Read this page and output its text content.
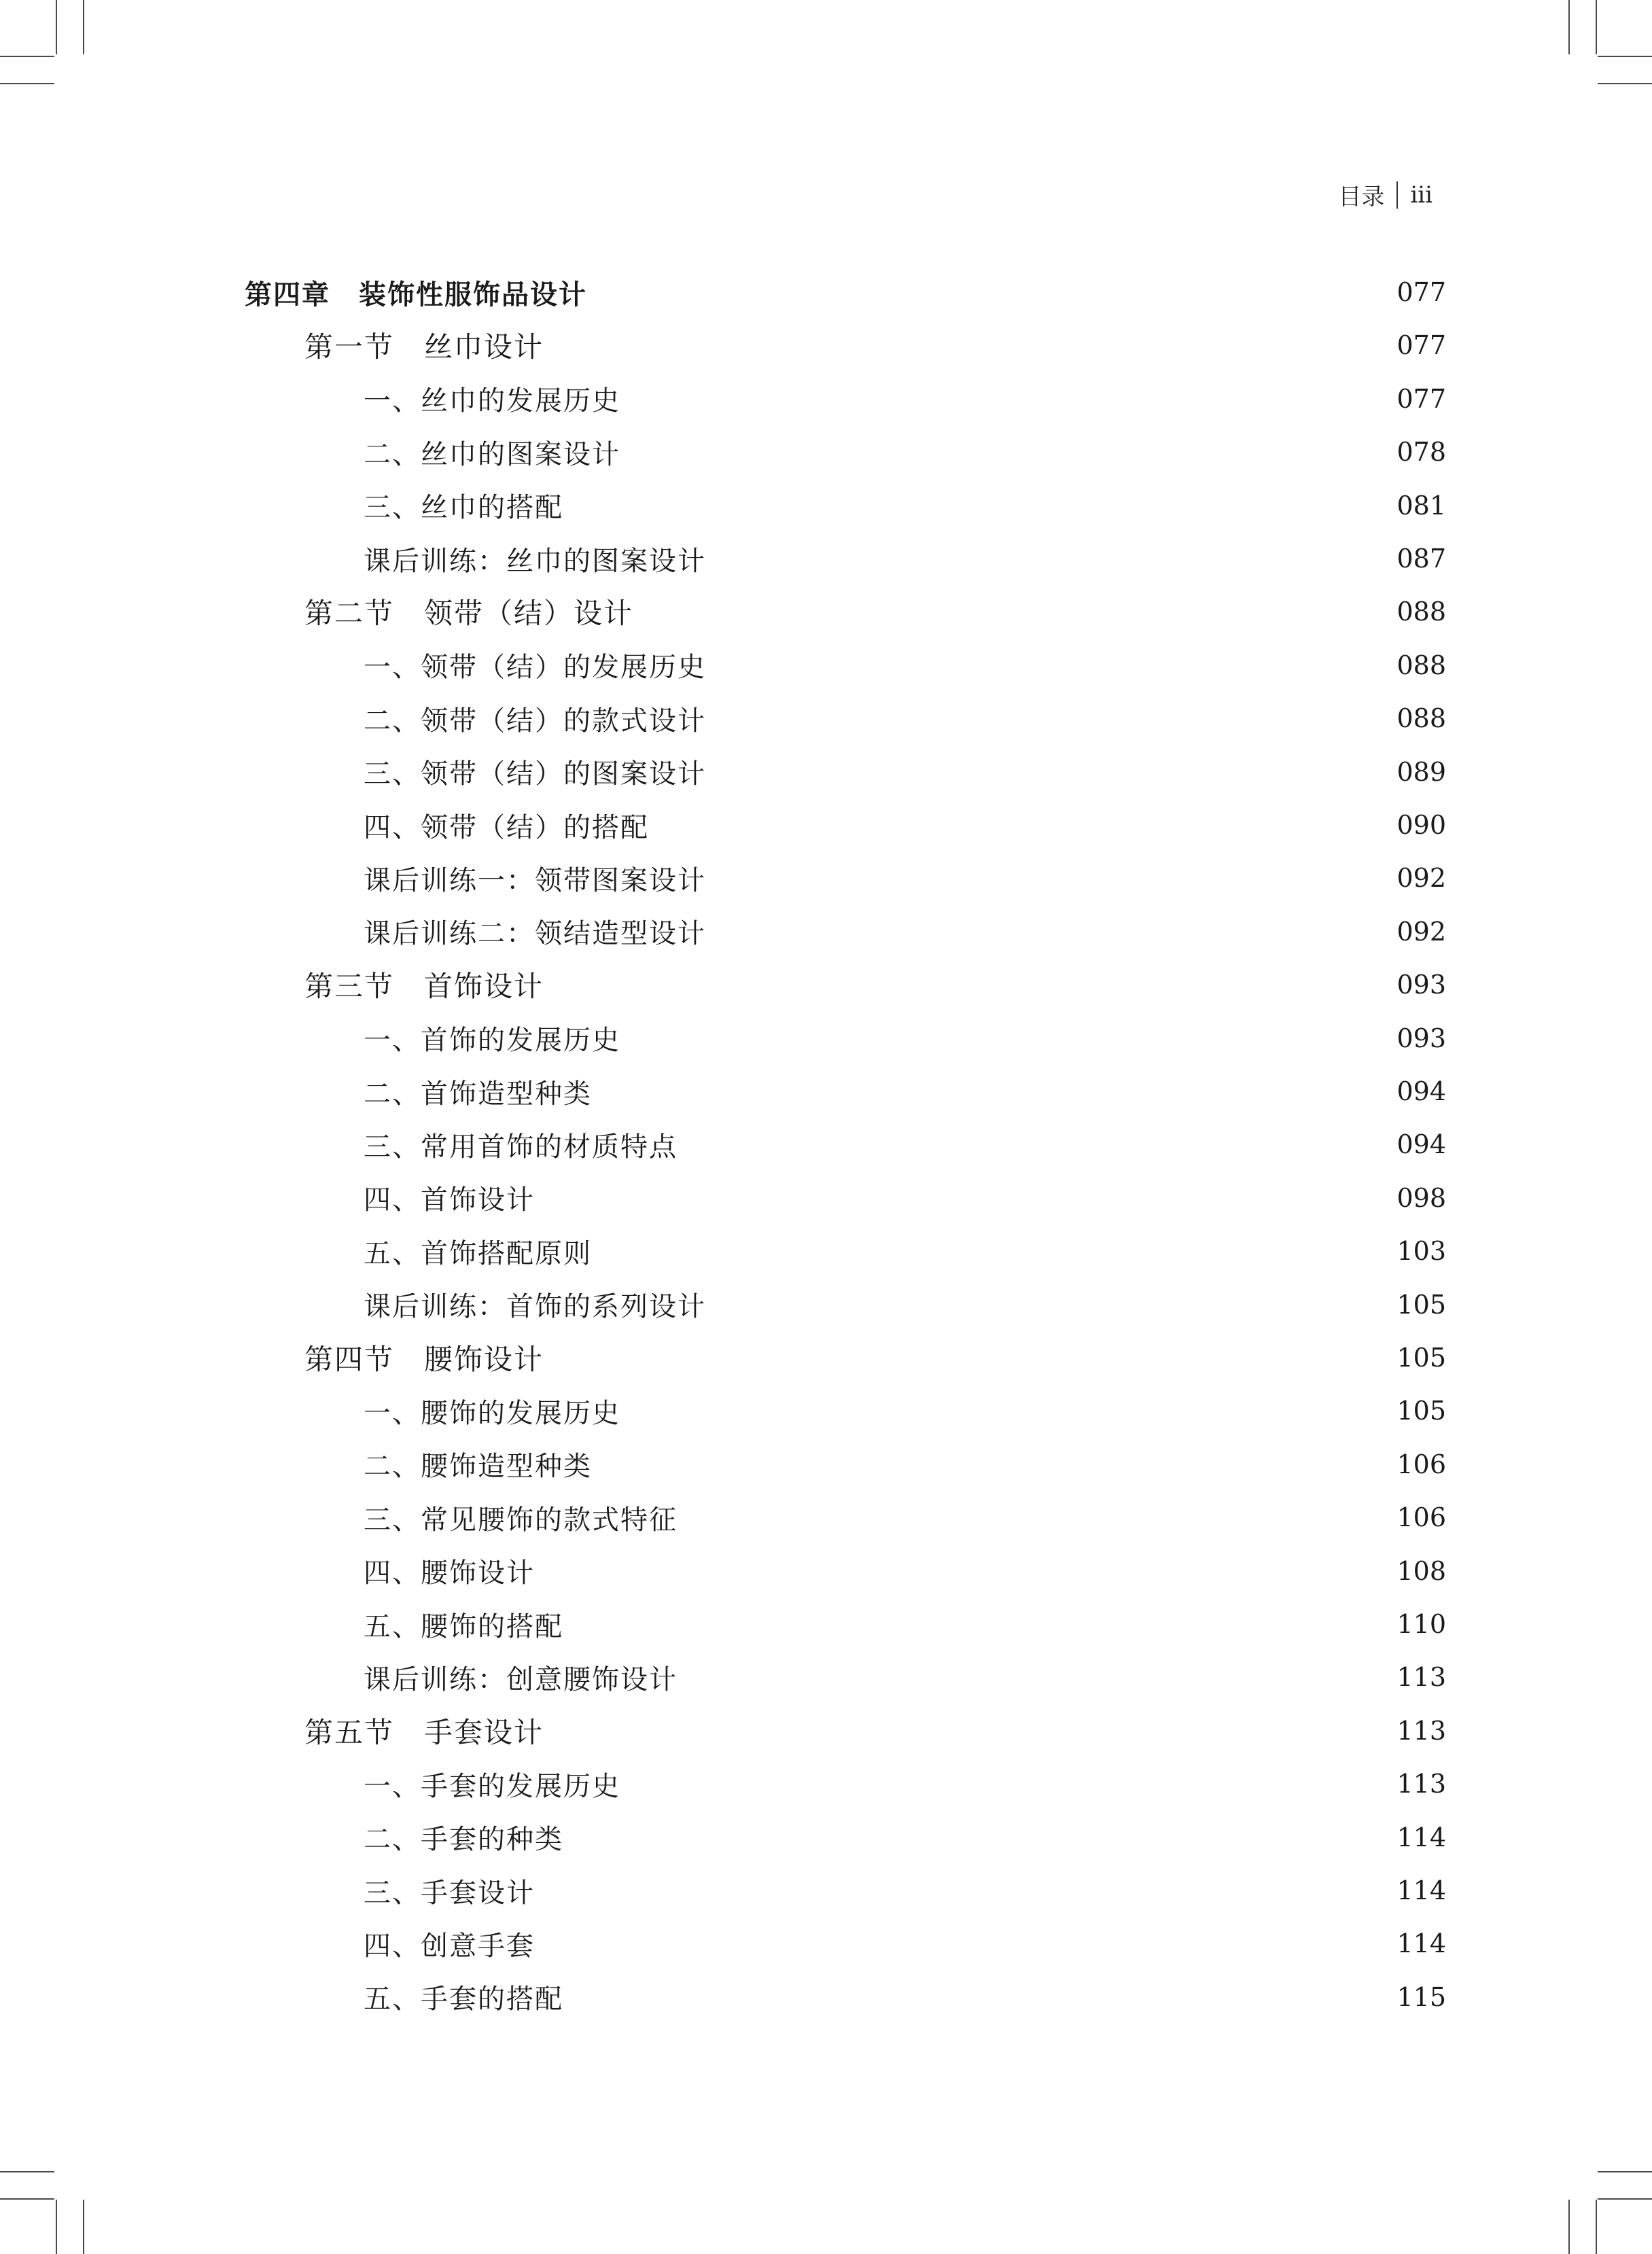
目录 iii
第四章　装饰性服饰品设计	077
第一节　丝巾设计	077
一、丝巾的发展历史	077
二、丝巾的图案设计	078
三、丝巾的搭配	081
课后训练：丝巾的图案设计	087
第二节　领带（结）设计	088
一、领带（结）的发展历史	088
二、领带（结）的款式设计	088
三、领带（结）的图案设计	089
四、领带（结）的搭配	090
课后训练一：领带图案设计	092
课后训练二：领结造型设计	092
第三节　首饰设计	093
一、首饰的发展历史	093
二、首饰造型种类	094
三、常用首饰的材质特点	094
四、首饰设计	098
五、首饰搭配原则	103
课后训练：首饰的系列设计	105
第四节　腰饰设计	105
一、腰饰的发展历史	105
二、腰饰造型种类	106
三、常见腰饰的款式特征	106
四、腰饰设计	108
五、腰饰的搭配	110
课后训练：创意腰饰设计	113
第五节　手套设计	113
一、手套的发展历史	113
二、手套的种类	114
三、手套设计	114
四、创意手套	114
五、手套的搭配	115
